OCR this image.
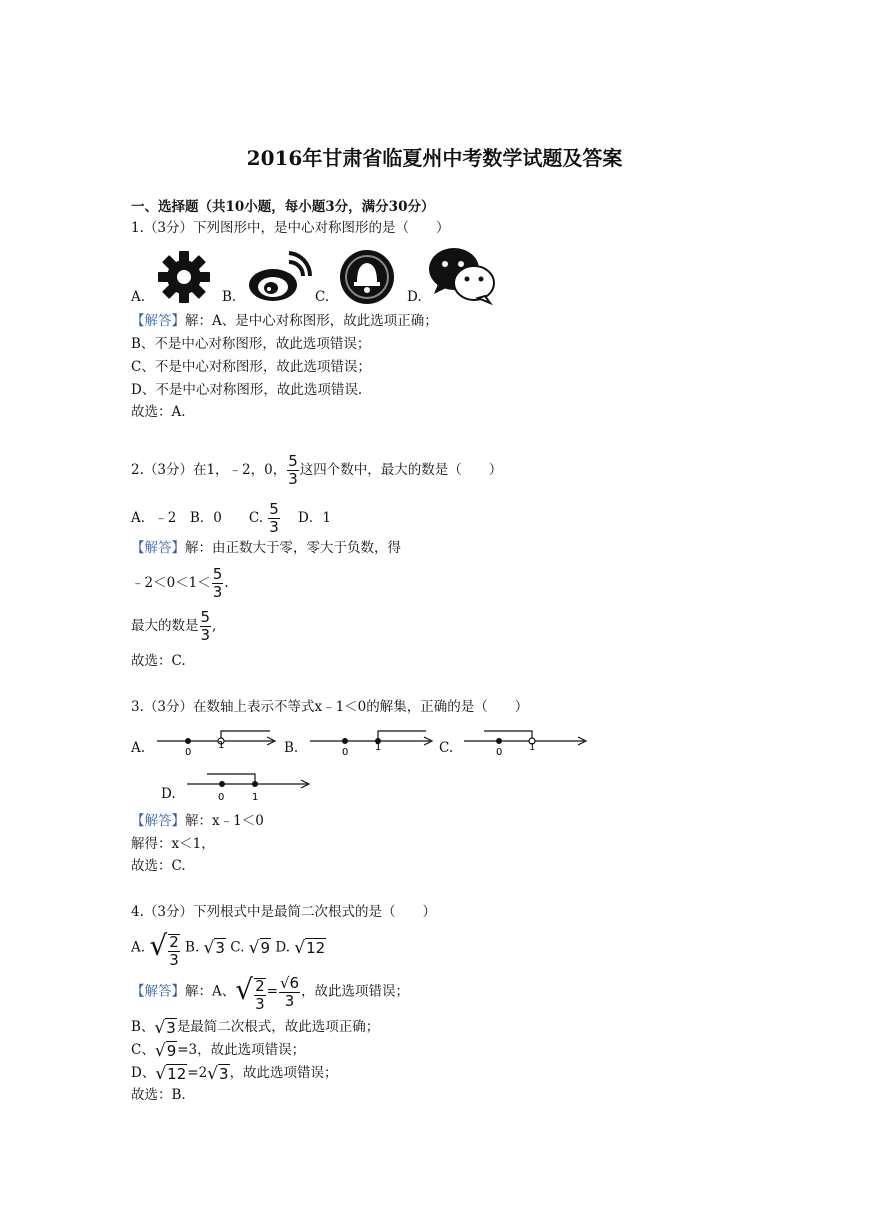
2016年甘肃省临夏州中考数学试题及答案
一、选择题（共10小题，每小题3分，满分30分）
1.（3分）下列图形中，是中心对称图形的是（　　）
A.	B.	C.	D.
【解答】解：A、是中心对称图形，故此选项正确；
B、不是中心对称图形，故此选项错误；
C、不是中心对称图形，故此选项错误；
D、不是中心对称图形，故此选项错误.
故选：A.
2.（3分）在1，﹣2，0， $\frac{5}{3}$ 这四个数中，最大的数是（　　）
A．﹣2　B．0　　C. $\frac{5}{3}$ D．1
【解答】解：由正数大于零，零大于负数，得
﹣2＜0＜1＜ $\frac{5}{3}$ .
最大的数是 $\frac{5}{3}$ ,
故选：C.
3.（3分）在数轴上表示不等式x﹣1＜0的解集，正确的是（　　）
A.	0
1	B.	0	1	C.	0	1
D.	0	1
【解答】解：x﹣1＜0
解得：x＜1，
故选：C.
4.（3分）下列根式中是最简二次根式的是（　　）
A. √ $\frac{2}{3} B$. √3 C. √9 D. √12
【解答】解：A、√ $\frac{2}{3} = \frac{√6}{3}$ ，故此选项错误；
B、√3是最简二次根式，故此选项正确；
C、√9=3，故此选项错误；
D、√12=2√3，故此选项错误；
故选：B.
